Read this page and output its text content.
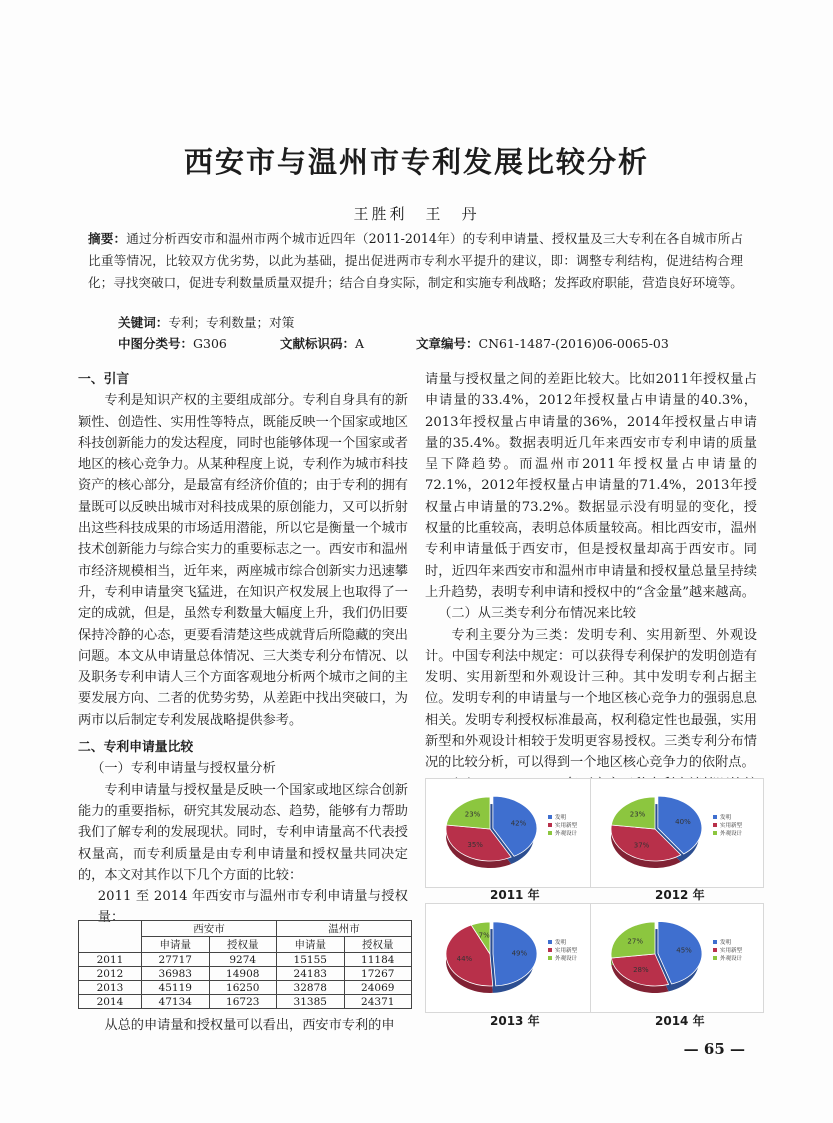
西安市与温州市专利发展比较分析
王胜利　王　丹
摘要：通过分析西安市和温州市两个城市近四年（2011-2014年）的专利申请量、授权量及三大专利在各自城市所占比重等情况，比较双方优劣势，以此为基础，提出促进两市专利水平提升的建议，即：调整专利结构，促进结构合理化；寻找突破口，促进专利数量质量双提升；结合自身实际，制定和实施专利战略；发挥政府职能，营造良好环境等。
关键词：专利；专利数量；对策
中图分类号：G306	文献标识码：A	文章编号：CN61-1487-(2016)06-0065-03

一、引言

专利是知识产权的主要组成部分。专利自身具有的新颖性、创造性、实用性等特点，既能反映一个国家或地区科技创新能力的发达程度，同时也能够体现一个国家或者地区的核心竞争力。从某种程度上说，专利作为城市科技资产的核心部分，是最富有经济价值的；由于专利的拥有量既可以反映出城市对科技成果的原创能力，又可以折射出这些科技成果的市场适用潜能，所以它是衡量一个城市技术创新能力与综合实力的重要标志之一。西安市和温州市经济规模相当，近年来，两座城市综合创新实力迅速攀升，专利申请量突飞猛进，在知识产权发展上也取得了一定的成就，但是，虽然专利数量大幅度上升，我们仍旧要保持冷静的心态，更要看清楚这些成就背后所隐藏的突出问题。本文从申请量总体情况、三大类专利分布情况、以及职务专利申请人三个方面客观地分析两个城市之间的主要发展方向、二者的优势劣势，从差距中找出突破口，为两市以后制定专利发展战略提供参考。

二、专利申请量比较

（一）专利申请量与授权量分析

专利申请量与授权量是反映一个国家或地区综合创新能力的重要指标，研究其发展动态、趋势，能够有力帮助我们了解专利的发展现状。同时，专利申请量高不代表授权量高，而专利质量是由专利申请量和授权量共同决定的，本文对其作以下几个方面的比较：

2011 至 2014 年西安市与温州市专利申请量与授权量：

	西安市		温州市	
	申请量	授权量	申请量	授权量
2011	27717	9274	15155	11184
2012	36983	14908	24183	17267
2013	45119	16250	32878	24069
2014	47134	16723	31385	24371
从总的申请量和授权量可以看出，西安市专利的申

请量与授权量之间的差距比较大。比如2011年授权量占申请量的33.4%，2012年授权量占申请量的40.3%，2013年授权量占申请量的36%，2014年授权量占申请量的35.4%。数据表明近几年来西安市专利申请的质量呈下降趋势。而温州市2011年授权量占申请量的72.1%，2012年授权量占申请量的71.4%，2013年授权量占申请量的73.2%。数据显示没有明显的变化，授权量的比重较高，表明总体质量较高。相比西安市，温州专利申请量低于西安市，但是授权量却高于西安市。同时，近四年来西安市和温州市申请量和授权量总量呈持续上升趋势，表明专利申请和授权中的“含金量”越来越高。

（二）从三类专利分布情况来比较

专利主要分为三类：发明专利、实用新型、外观设计。中国专利法中规定：可以获得专利保护的发明创造有发明、实用新型和外观设计三种。其中发明专利占据主位。发明专利的申请量与一个地区核心竞争力的强弱息息相关。发明专利授权标准最高，权利稳定性也最强，实用新型和外观设计相较于发明更容易授权。三类专利分布情况的比较分析，可以得到一个地区核心竞争力的依附点。

42%
35%
23%	发明
实用新型
外观设计
40%
37%
23%	发明
实用新型
外观设计
49%
44%
7%
发明
实用新型
外观设计
45%
28%
27%	发明
实用新型
外观设计
2011 年	2012 年
2013 年	2014 年
— 65 —
